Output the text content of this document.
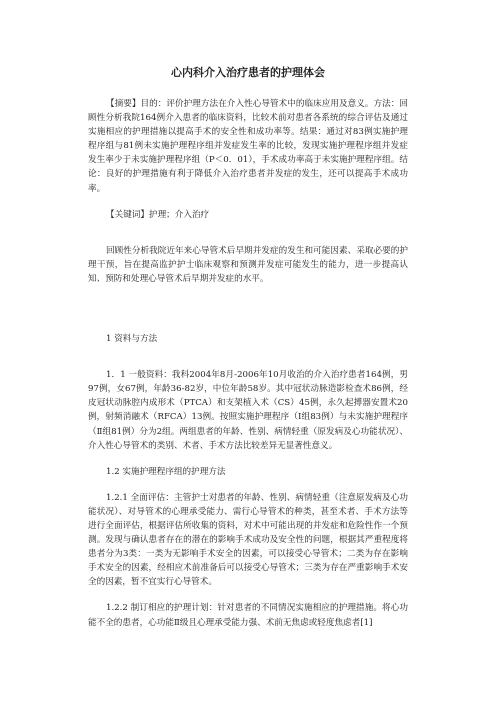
心内科介入治疗患者的护理体会

【摘要】目的：评价护理方法在介入性心导管术中的临床应用及意义。方法：回顾性分析我院164例介入患者的临床资料，比较术前对患者各系统的综合评估及通过实施相应的护理措施以提高手术的安全性和成功率等。结果：通过对83例实施护理程序组与81例未实施护理程序组并发症发生率的比较，发现实施护理程序组并发症发生率少于未实施护理程序组（P＜0．01），手术成功率高于未实施护理程序组。结论：良好的护理措施有利于降低介入治疗患者并发症的发生，还可以提高手术成功率。

【关键词】护理；介入治疗

回顾性分析我院近年来心导管术后早期并发症的发生和可能因素、采取必要的护理干预，旨在提高监护护士临床观察和预测并发症可能发生的能力，进一步提高认知、预防和处理心导管术后早期并发症的水平。

1 资料与方法

1．1 一般资料：我科2004年8月-2006年10月收治的介入治疗患者164例，男97例，女67例，年龄36-82岁，中位年龄58岁。其中冠状动脉造影检查术86例，经皮冠状动脉腔内成形术（PTCA）和支架植入术（CS）45例，永久起搏器安置术20例，射频消融术（RFCA）13例。按照实施护理程序（Ⅰ组83例）与未实施护理程序（Ⅱ组81例）分为2组。两组患者的年龄、性别、病情轻重（原发病及心功能状况）、介入性心导管术的类别、术者、手术方法比较差异无显著性意义。

1.2 实施护理程序组的护理方法

1.2.1 全面评估：主管护士对患者的年龄、性别、病情轻重（注意原发病及心功能状况）、对导管术的心理承受能力、需行心导管术的种类，甚至术者、手术方法等进行全面评估，根据评估所收集的资料，对术中可能出现的并发症和危险性作一个预测。发现与确认患者存在的潜在的影响手术成功及安全性的问题，根据其严重程度将患者分为3类：一类为无影响手术安全的因素，可以接受心导管术；二类为存在影响手术安全的因素，经相应术前准备后可以接受心导管术；三类为存在严重影响手术安全的因素，暂不宜实行心导管术。

1.2.2 制订相应的护理计划：针对患者的不同情况实施相应的护理措施。将心功能不全的患者，心功能Ⅱ级且心理承受能力强、术前无焦虑或轻度焦虑者[1]
